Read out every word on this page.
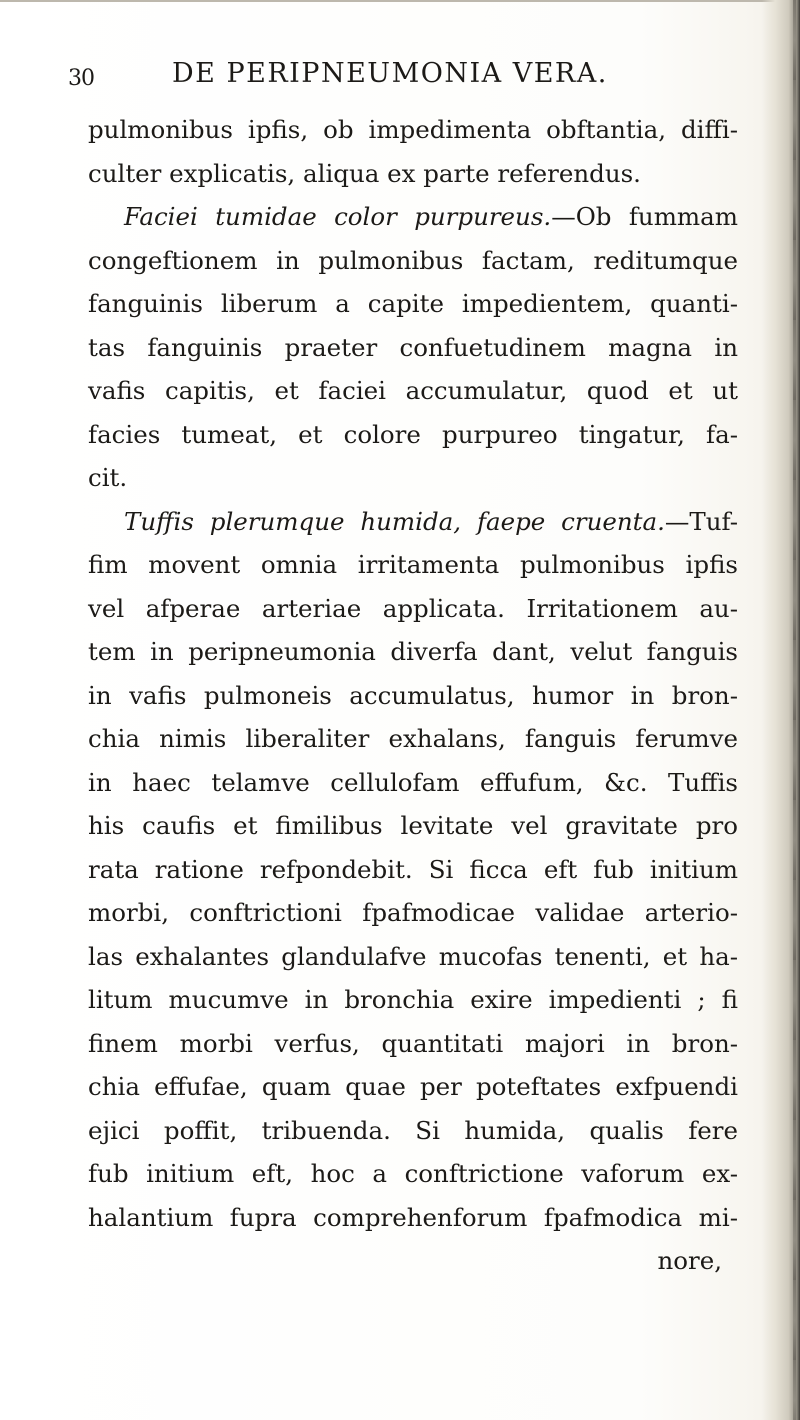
30	DE PERIPNEUMONIA VERA.
pulmonibus ipfis, ob impedimenta obftantia, diffi-
culter explicatis, aliqua ex parte referendus.
Faciei tumidae color purpureus.—Ob fummam
congeftionem in pulmonibus factam, reditumque
fanguinis liberum a capite impedientem, quanti-
tas fanguinis praeter confuetudinem magna in
vafis capitis, et faciei accumulatur, quod et ut
facies tumeat, et colore purpureo tingatur, fa-
cit.
Tuffis plerumque humida, faepe cruenta.—Tuf-
fim movent omnia irritamenta pulmonibus ipfis
vel afperae arteriae applicata. Irritationem au-
tem in peripneumonia diverfa dant, velut fanguis
in vafis pulmoneis accumulatus, humor in bron-
chia nimis liberaliter exhalans, fanguis ferumve
in haec telamve cellulofam effufum, &c. Tuffis
his caufis et fimilibus levitate vel gravitate pro
rata ratione refpondebit. Si ficca eft fub initium
morbi, conftrictioni fpafmodicae validae arterio-
las exhalantes glandulafve mucofas tenenti, et ha-
litum mucumve in bronchia exire impedienti ; fi
finem morbi verfus, quantitati majori in bron-
chia effufae, quam quae per poteftates exfpuendi
ejici poffit, tribuenda. Si humida, qualis fere
fub initium eft, hoc a conftrictione vaforum ex-
halantium fupra comprehenforum fpafmodica mi-
nore,
